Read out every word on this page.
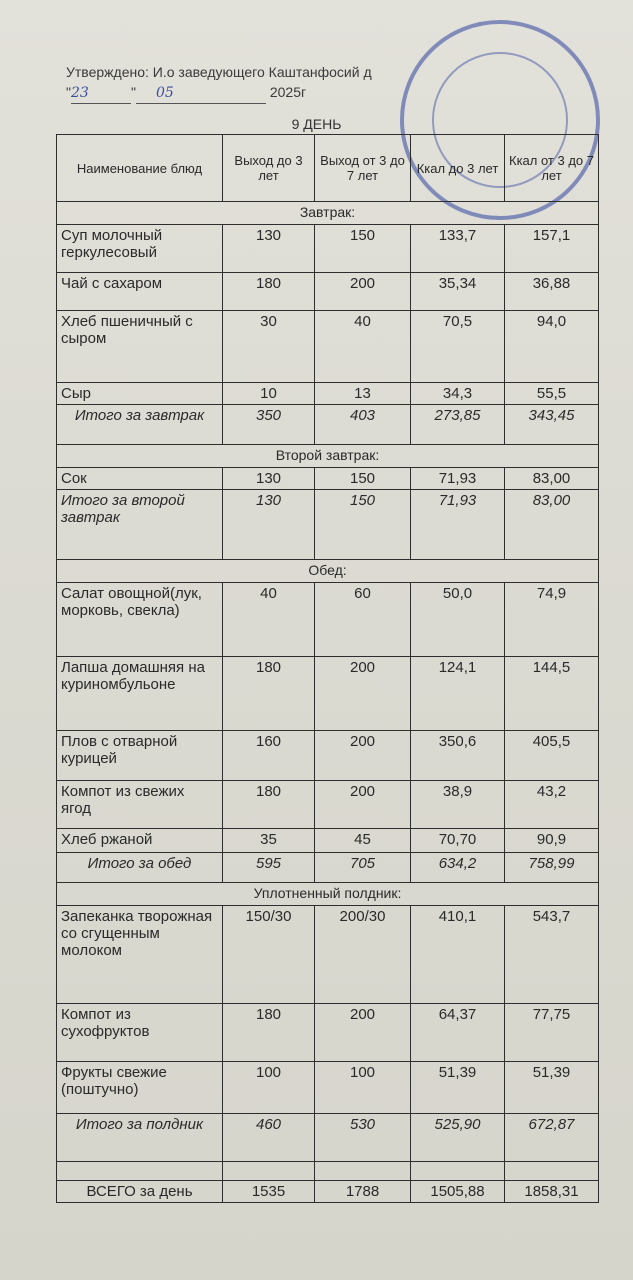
Утверждено: И.о заведующего Каштанфосий д
"23	" 05	2025г
9 ДЕНЬ
Наименование блюд	Выход до 3 лет	Выход от 3 до 7 лет	Ккал до 3 лет	Ккал от 3 до 7 лет
Завтрак:				
Суп молочный геркулесовый	130	150	133,7	157,1
Чай с сахаром	180	200	35,34	36,88
Хлеб пшеничный с сыром	30	40	70,5	94,0
Сыр	10	13	34,3	55,5
Итого за завтрак	350	403	273,85	343,45
Второй завтрак:				
Сок	130	150	71,93	83,00
Итого за второй завтрак	130	150	71,93	83,00
Обед:				
Салат овощной(лук, морковь, свекла)	40	60	50,0	74,9
Лапша домашняя на куриномбульоне	180	200	124,1	144,5
Плов с отварной курицей	160	200	350,6	405,5
Компот из свежих ягод	180	200	38,9	43,2
Хлеб ржаной	35	45	70,70	90,9
Итого за обед	595	705	634,2	758,99
Уплотненный полдник:				
Запеканка творожная со сгущенным молоком	150/30	200/30	410,1	543,7
Компот из сухофруктов	180	200	64,37	77,75
Фрукты свежие (поштучно)	100	100	51,39	51,39
Итого за полдник	460	530	525,90	672,87

ВСЕГО за день	1535	1788	1505,88	1858,31
